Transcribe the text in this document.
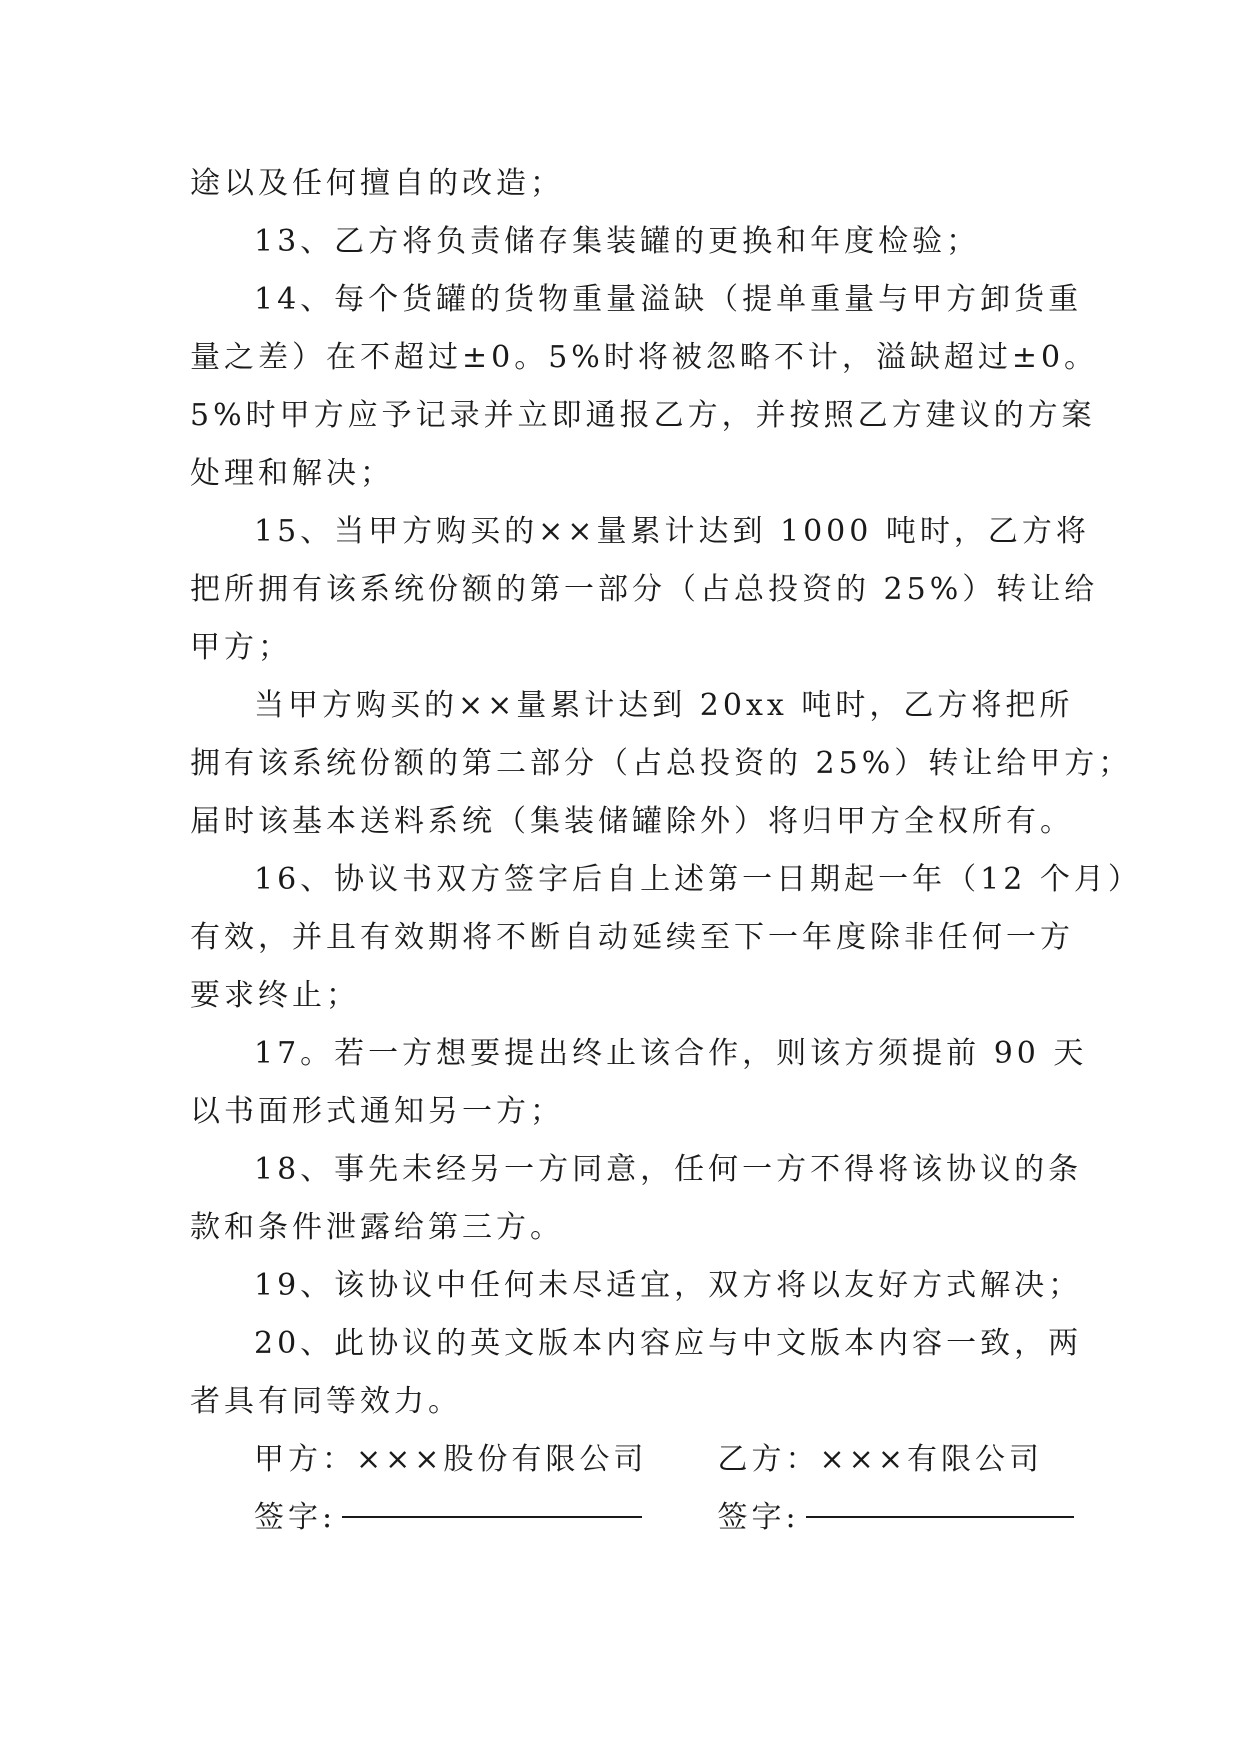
途以及任何擅自的改造；

13、乙方将负责储存集装罐的更换和年度检验；

14、每个货罐的货物重量溢缺（提单重量与甲方卸货重

量之差）在不超过±0。5%时将被忽略不计，溢缺超过±0。

5%时甲方应予记录并立即通报乙方，并按照乙方建议的方案

处理和解决；

15、当甲方购买的××量累计达到 1000 吨时，乙方将

把所拥有该系统份额的第一部分（占总投资的 25%）转让给

甲方；

当甲方购买的××量累计达到 20xx 吨时，乙方将把所

拥有该系统份额的第二部分（占总投资的 25%）转让给甲方；

届时该基本送料系统（集装储罐除外）将归甲方全权所有。

16、协议书双方签字后自上述第一日期起一年（12 个月）

有效，并且有效期将不断自动延续至下一年度除非任何一方

要求终止；

17。若一方想要提出终止该合作，则该方须提前 90 天

以书面形式通知另一方；

18、事先未经另一方同意，任何一方不得将该协议的条

款和条件泄露给第三方。

19、该协议中任何未尽适宜，双方将以友好方式解决；

20、此协议的英文版本内容应与中文版本内容一致，两

者具有同等效力。

甲方：×××股份有限公司 乙方：×××有限公司
签字:	签字:
